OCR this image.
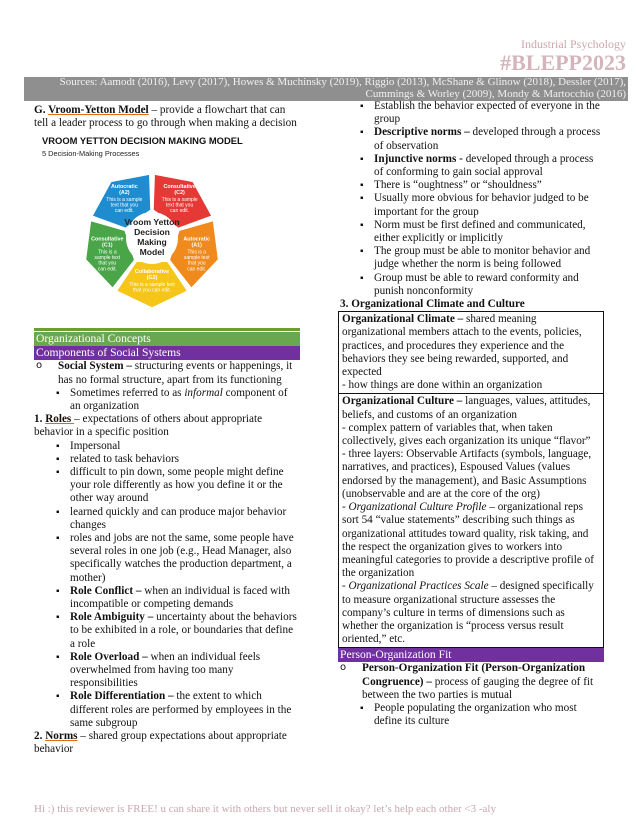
Industrial Psychology
#BLEPP2023
Sources: Aamodt (2016), Levy (2017), Howes & Muchinsky (2019), Riggio (2013), McShane & Glinow (2018), Dessler (2017), Cummings & Worley (2009), Mondy & Martocchio (2016)

G. Vroom-Yetton Model – provide a flowchart that can tell a leader process to go through when making a decision

VROOM YETTON DECISION MAKING MODEL
5 Decision-Making Processes
Autocratic
(A2)
This is a sample
text that you
can edit.
Consultative
(C2)
This is a sample
text that you
can edit.
Autocratic
(A1)
This is a
sample text
that you
can edit.
Collaborative
(G2)
This is a sample text
that you can edit.
Consultative
(C1)
This is a
sample text
that you
can edit.
Vroom Yetton
Decision
Making
Model
Organizational Concepts
Components of Social Systems

o Social System – structuring events or happenings, it has no formal structure, apart from its functioning

▪ Sometimes referred to as informal component of an organization

1. Roles – expectations of others about appropriate behavior in a specific position

▪ Impersonal

▪ related to task behaviors

▪ difficult to pin down, some people might define your role differently as how you define it or the other way around

▪ learned quickly and can produce major behavior changes

▪ roles and jobs are not the same, some people have several roles in one job (e.g., Head Manager, also specifically watches the production department, a mother)

▪ Role Conflict – when an individual is faced with incompatible or competing demands

▪ Role Ambiguity – uncertainty about the behaviors to be exhibited in a role, or boundaries that define a role

▪ Role Overload – when an individual feels overwhelmed from having too many responsibilities

▪ Role Differentiation – the extent to which different roles are performed by employees in the same subgroup

2. Norms – shared group expectations about appropriate behavior

▪ Establish the behavior expected of everyone in the group

▪ Descriptive norms – developed through a process of observation

▪ Injunctive norms - developed through a process of conforming to gain social approval

▪ There is “oughtness” or “shouldness”

▪ Usually more obvious for behavior judged to be important for the group

▪ Norm must be first defined and communicated, either explicitly or implicitly

▪ The group must be able to monitor behavior and judge whether the norm is being followed

▪ Group must be able to reward conformity and punish nonconformity

3. Organizational Climate and Culture

Organizational Climate – shared meaning organizational members attach to the events, policies, practices, and procedures they experience and the behaviors they see being rewarded, supported, and expected

- how things are done within an organization

Organizational Culture – languages, values, attitudes, beliefs, and customs of an organization

- complex pattern of variables that, when taken collectively, gives each organization its unique “flavor”

- three layers: Observable Artifacts (symbols, language, narratives, and practices), Espoused Values (values endorsed by the management), and Basic Assumptions (unobservable and are at the core of the org)

- Organizational Culture Profile – organizational reps sort 54 “value statements” describing such things as organizational attitudes toward quality, risk taking, and the respect the organization gives to workers into meaningful categories to provide a descriptive profile of the organization

- Organizational Practices Scale – designed specifically to measure organizational structure assesses the company’s culture in terms of dimensions such as whether the organization is “process versus result oriented,” etc.

Person-Organization Fit

o Person-Organization Fit (Person-Organization Congruence) – process of gauging the degree of fit between the two parties is mutual

▪ People populating the organization who most define its culture

Hi :) this reviewer is FREE! u can share it with others but never sell it okay? let’s help each other <3 -aly
